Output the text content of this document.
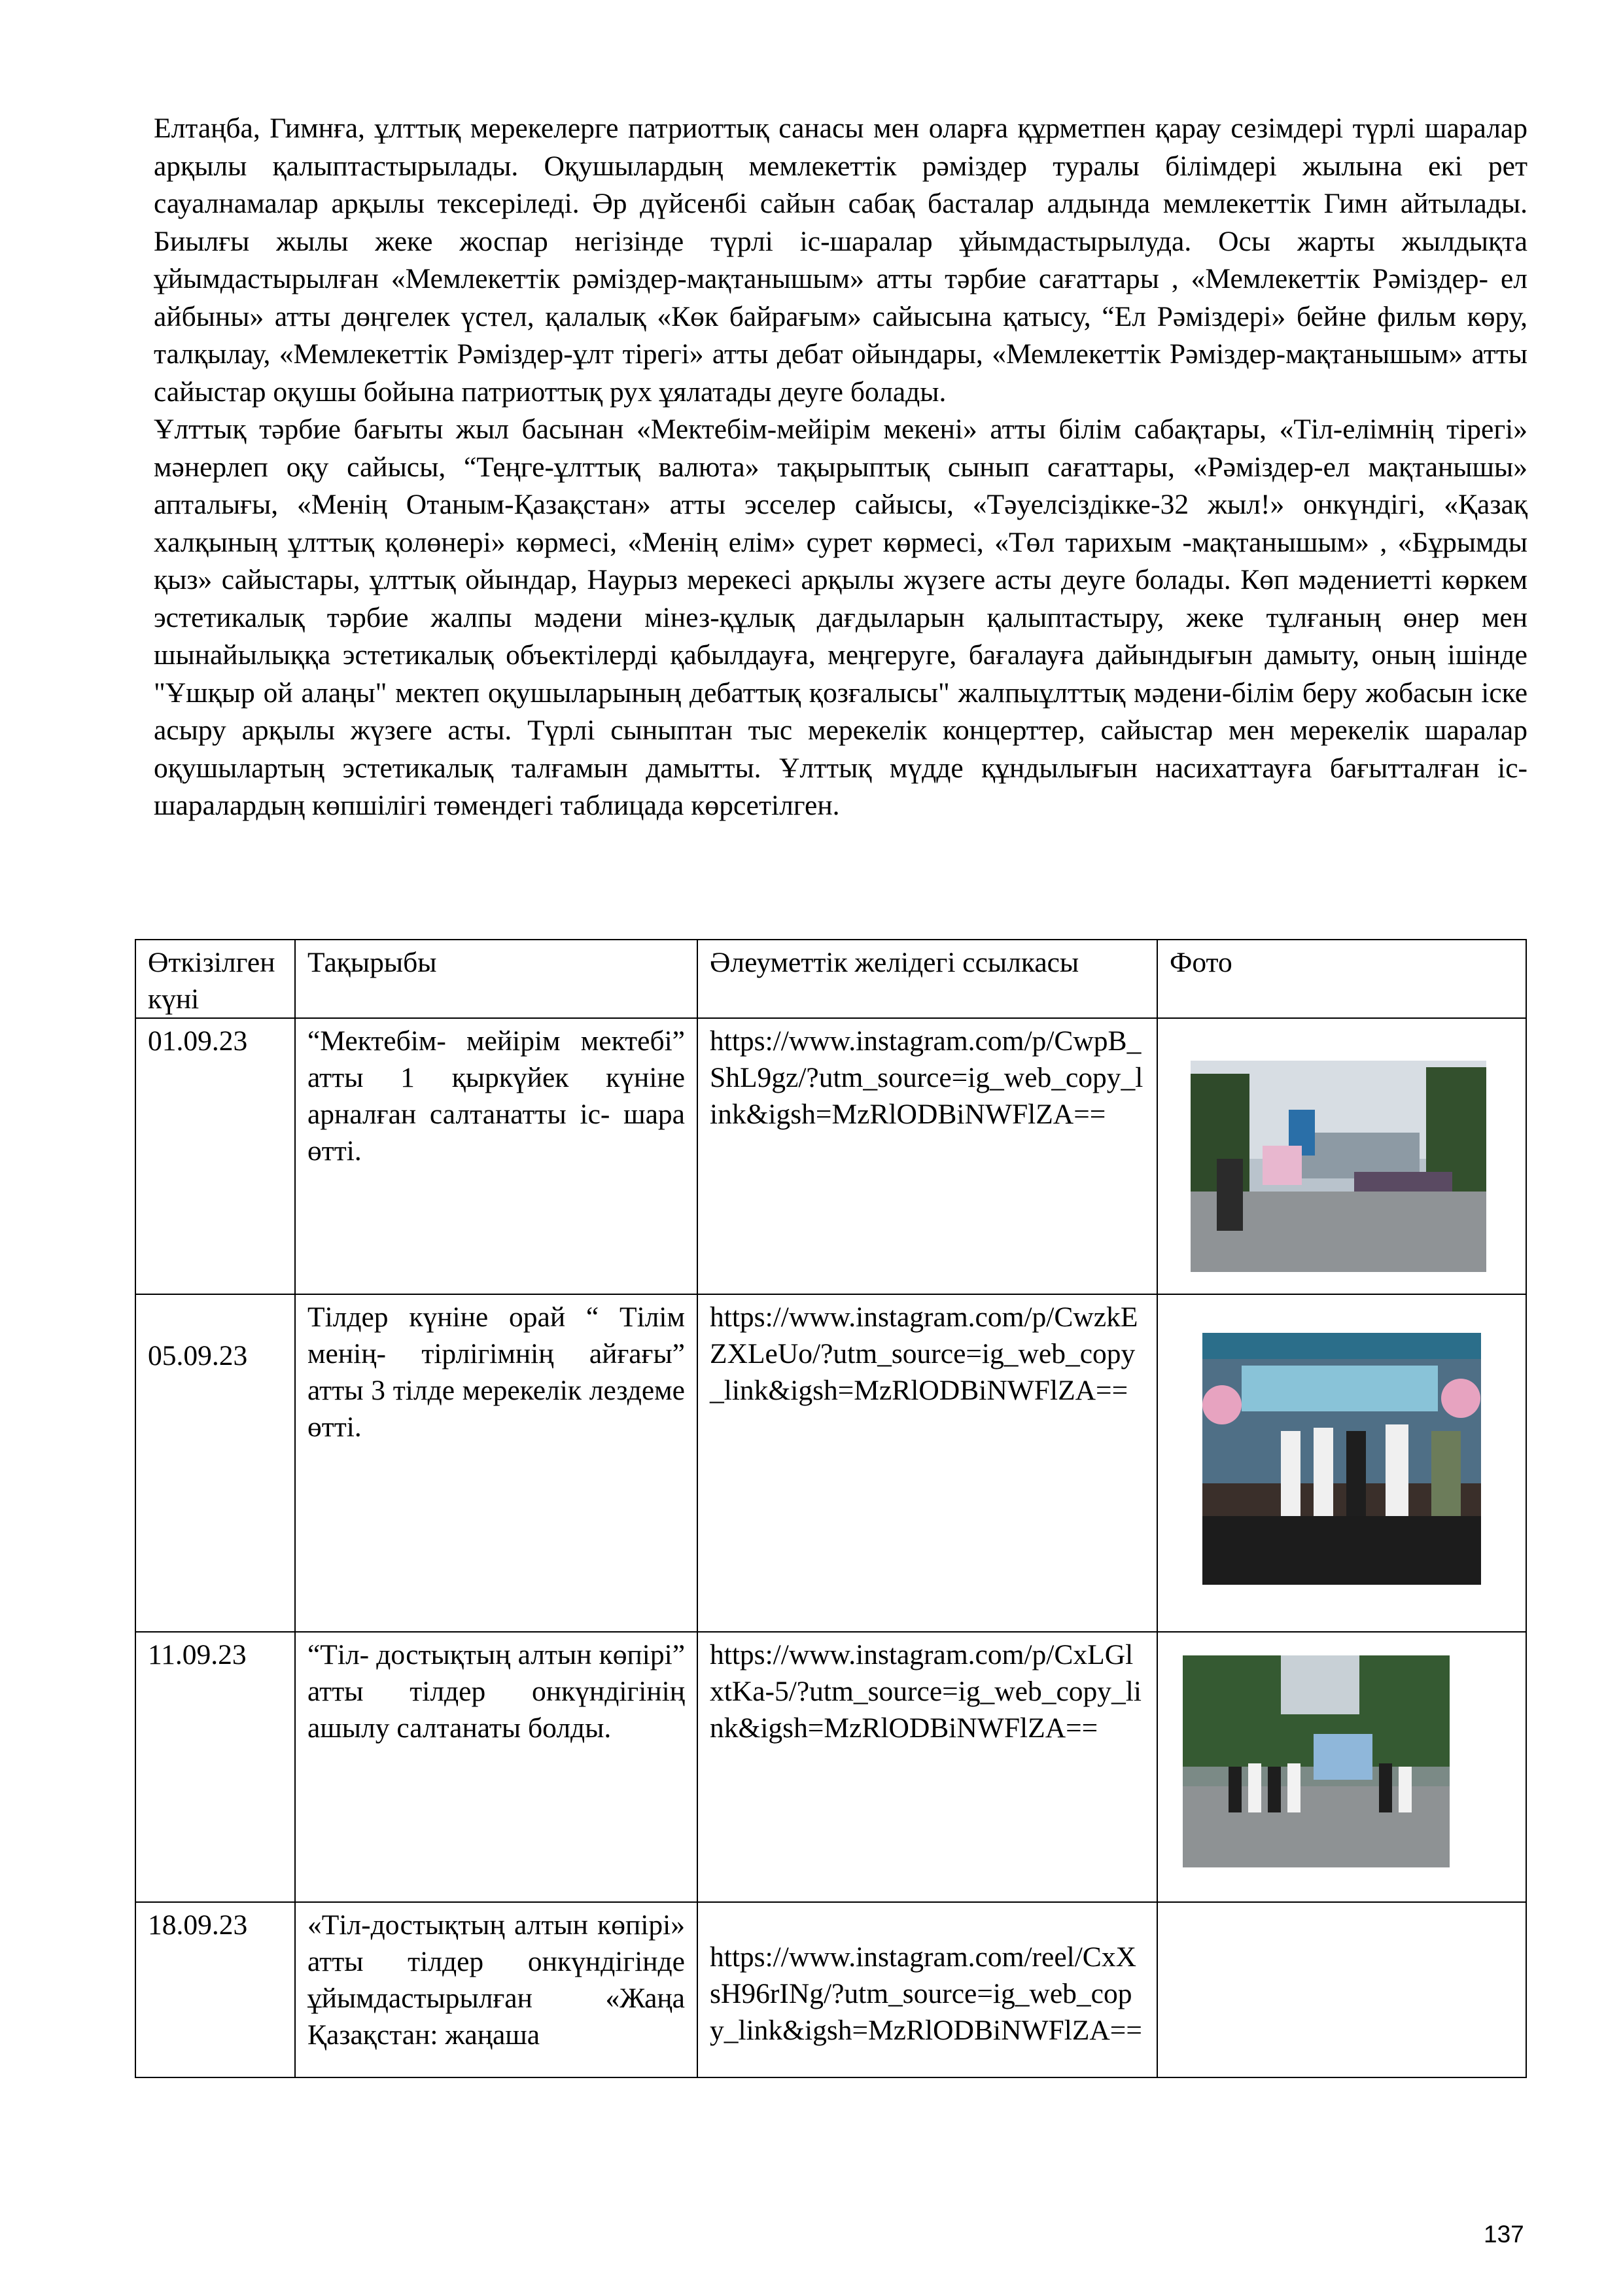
Елтаңба, Гимнға, ұлттық мерекелерге патриоттық санасы мен оларға құрметпен қарау сезімдері түрлі шаралар арқылы қалыптастырылады. Оқушылардың мемлекеттік рәміздер туралы білімдері жылына екі рет сауалнамалар арқылы тексеріледі. Әр дүйсенбі сайын сабақ басталар алдында мемлекеттік Гимн айтылады. Биылғы жылы жеке жоспар негізінде түрлі іс-шаралар ұйымдастырылуда. Осы жарты жылдықта ұйымдастырылған «Мемлекеттік рәміздер-мақтанышым» атты тәрбие сағаттары , «Мемлекеттік Рәміздер- ел айбыны» атты дөңгелек үстел, қалалық «Көк байрағым» сайысына қатысу, “Ел Рәміздері» бейне фильм көру, талқылау, «Мемлекеттік Рәміздер-ұлт тірегі» атты дебат ойындары, «Мемлекеттік Рәміздер-мақтанышым» атты сайыстар оқушы бойына патриоттық рух ұялатады деуге болады.

Ұлттық тәрбие бағыты жыл басынан «Мектебім-мейірім мекені» атты білім сабақтары, «Тіл-елімнің тірегі» мәнерлеп оқу сайысы, “Теңге-ұлттық валюта» тақырыптық сынып сағаттары, «Рәміздер-ел мақтанышы» апталығы, «Менің Отаным-Қазақстан» атты эсселер сайысы, «Тәуелсіздікке-32 жыл!» онкүндігі, «Қазақ халқының ұлттық қолөнері» көрмесі, «Менің елім» сурет көрмесі, «Төл тарихым -мақтанышым» , «Бұрымды қыз» сайыстары, ұлттық ойындар, Наурыз мерекесі арқылы жүзеге асты деуге болады. Көп мәдениетті көркем эстетикалық тәрбие жалпы мәдени мінез-құлық дағдыларын қалыптастыру, жеке тұлғаның өнер мен шынайылыққа эстетикалық объектілерді қабылдауға, меңгеруге, бағалауға дайындығын дамыту, оның ішінде "Ұшқыр ой алаңы" мектеп оқушыларының дебаттық қозғалысы" жалпыұлттық мәдени-білім беру жобасын іске асыру арқылы жүзеге асты. Түрлі сыныптан тыс мерекелік концерттер, сайыстар мен мерекелік шаралар оқушылартың эстетикалық талғамын дамытты. Ұлттық мүдде құндылығын насихаттауға бағытталған іс-шаралардың көпшілігі төмендегі таблицада көрсетілген.

Өткізілген күні	Тақырыбы	Әлеуметтік желідегі ссылкасы	Фото
01.09.23	“Мектебім- мейірім мектебі” атты 1 қыркүйек күніне арналған салтанатты іс- шара өтті.	https://www.instagram.com/p/CwpB_ShL9gz/?utm_source=ig_web_copy_link&igsh=MzRlODBiNWFlZA==	

05.09.23	Тілдер күніне орай “ Тілім менің- тірлігімнің айғағы” атты 3 тілде мерекелік лездеме өтті.	https://www.instagram.com/p/CwzkEZXLeUo/?utm_source=ig_web_copy_link&igsh=MzRlODBiNWFlZA==	

11.09.23	“Тіл- достықтың алтын көпірі” атты тілдер онкүндігінің ашылу салтанаты болды.	https://www.instagram.com/p/CxLGlxtKa-5/?utm_source=ig_web_copy_link&igsh=MzRlODBiNWFlZA==	

18.09.23	«Тіл-достықтың алтын көпірі» атты тілдер онкүндігінде ұйымдастырылған «Жаңа Қазақстан: жаңаша	https://www.instagram.com/reel/CxXsH96rINg/?utm_source=ig_web_copy_link&igsh=MzRlODBiNWFlZA==	
137
